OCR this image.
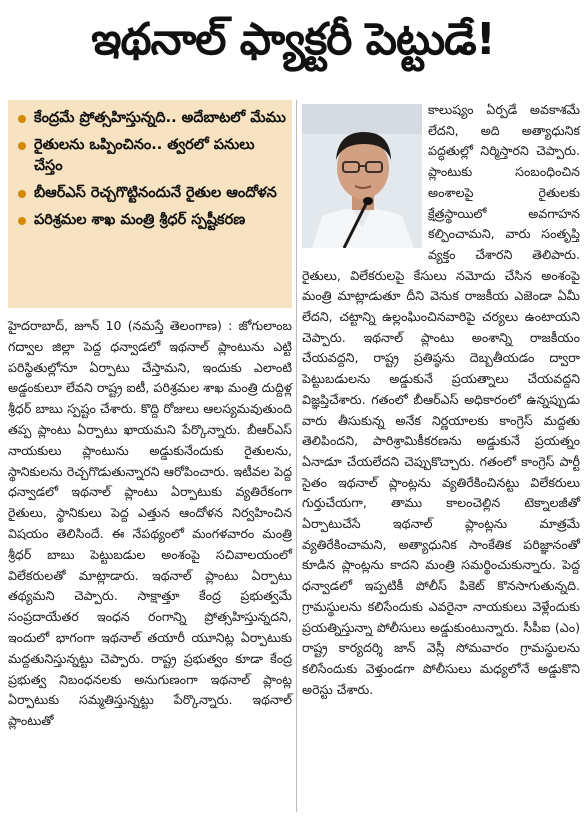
ఇథనాల్ ఫ్యాక్టరీ పెట్టుడే!
కేంద్రమే ప్రోత్సహిస్తున్నది.. అదేబాటలో మేము
రైతులను ఒప్పించినం.. త్వరలో పనులు చేస్తం
బీఆర్ఎస్ రెచ్చగొట్టినందునే రైతుల ఆందోళన
పరిశ్రమల శాఖ మంత్రి శ్రీధర్ స్పష్టీకరణ

హైదరాబాద్, జూన్ 10 (నమస్తే తెలంగాణ) : జోగులాంబ గద్వాల జిల్లా పెద్ద ధన్వాడలో ఇథనాల్ ప్లాంటును ఎట్టి పరిస్థితుల్లోనూ ఏర్పాటు చేస్తామని, ఇందుకు ఎలాంటి అడ్డంకులూ లేవని రాష్ట్ర ఐటీ, పరిశ్రమల శాఖ మంత్రి దుద్దిళ్ల శ్రీధర్ బాబు స్పష్టం చేశారు. కొద్ది రోజులు ఆలస్యమవుతుంది తప్ప ప్లాంటు ఏర్పాటు ఖాయమని పేర్కొన్నారు. బీఆర్ఎస్ నాయకులు ప్లాంటును అడ్డుకునేందుకు రైతులను, స్థానికులను రెచ్చగొడుతున్నారని ఆరోపించారు. ఇటీవల పెద్ద ధన్వాడలో ఇథనాల్ ప్లాంటు ఏర్పాటుకు వ్యతిరేకంగా రైతులు, స్థానికులు పెద్ద ఎత్తున ఆందోళన నిర్వహించిన విషయం తెలిసిందే. ఈ నేపథ్యంలో మంగళవారం మంత్రి శ్రీధర్ బాబు పెట్టుబడుల అంశంపై సచివాలయంలో విలేకరులతో మాట్లాడారు. ఇథనాల్ ప్లాంటు ఏర్పాటు తథ్యమని చెప్పారు. సాక్షాత్తూ కేంద్ర ప్రభుత్వమే సంప్రదాయేతర ఇంధన రంగాన్ని ప్రోత్సహిస్తున్నదని, ఇందులో భాగంగా ఇథనాల్ తయారీ యూనిట్ల ఏర్పాటుకు మద్దతునిస్తున్నట్టు చెప్పారు. రాష్ట్ర ప్రభుత్వం కూడా కేంద్ర ప్రభుత్వ నిబంధనలకు అనుగుణంగా ఇథనాల్ ప్లాంట్ల ఏర్పాటుకు సమ్మతిస్తున్నట్టు పేర్కొన్నారు. ఇథనాల్ ప్లాంటుతో

కాలుష్యం ఏర్పడే అవకాశమే లేదని, అది అత్యాధునిక పద్ధతుల్లో నిర్మిస్తారని చెప్పారు. ప్లాంటుకు సంబంధించిన అంశాలపై రైతులకు క్షేత్రస్థాయిలో అవగాహన కల్పించామని, వారు సంతృప్తి వ్యక్తం చేశారని తెలిపారు. రైతులు, విలేకరులపై కేసులు నమోదు చేసిన అంశంపై మంత్రి మాట్లాడుతూ దీని వెనుక రాజకీయ ఎజెండా ఏమీ లేదని, చట్టాన్ని ఉల్లంఘించినవారిపై చర్యలు ఉంటాయని చెప్పారు. ఇథనాల్ ప్లాంటు అంశాన్ని రాజకీయం చేయవద్దని, రాష్ట్ర ప్రతిష్ఠను దెబ్బతీయడం ద్వారా పెట్టుబడులను అడ్డుకునే ప్రయత్నాలు చేయవద్దని విజ్ఞప్తిచేశారు. గతంలో బీఆర్ఎస్ అధికారంలో ఉన్నప్పుడు వారు తీసుకున్న అనేక నిర్ణయాలకు కాంగ్రెస్ మద్దతు తెలిపిందని, పారిశ్రామికీకరణను అడ్డుకునే ప్రయత్నం ఏనాడూ చేయలేదని చెప్పుకొచ్చారు. గతంలో కాంగ్రెస్ పార్టీ సైతం ఇథనాల్ ప్లాంట్లను వ్యతిరేకించినట్టు విలేకరులు గుర్తుచేయగా, తాము కాలంచెల్లిన టెక్నాలజీతో ఏర్పాటుచేసే ఇథనాల్ ప్లాంట్లను మాత్రమే వ్యతిరేకించామని, అత్యాధునిక సాంకేతిక పరిజ్ఞానంతో కూడిన ప్లాంట్లను కాదని మంత్రి సమర్థించుకున్నారు. పెద్ద ధన్వాడలో ఇప్పటికీ పోలీస్ పికెట్ కొనసాగుతున్నది. గ్రామస్థులను కలిసేందుకు ఎవరైనా నాయకులు వెళ్లేందుకు ప్రయత్నిస్తున్నా పోలీసులు అడ్డుకుంటున్నారు. సీపీఐ (ఎం) రాష్ట్ర కార్యదర్శి జాన్ వెస్లీ సోమవారం గ్రామస్థులను కలిసేందుకు వెళ్తుండగా పోలీసులు మధ్యలోనే అడ్డుకొని అరెస్టు చేశారు.
